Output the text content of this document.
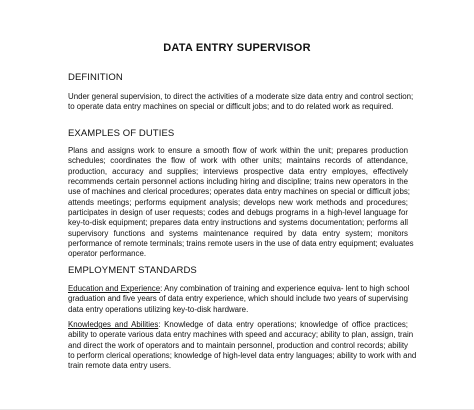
DATA ENTRY SUPERVISOR
DEFINITION
Under general supervision, to direct the activities of a moderate size data entry and control section;
to operate data entry machines on special or difficult jobs; and to do related work as required.
EXAMPLES OF DUTIES
Plans and assigns work to ensure a smooth flow of work within the unit; prepares production
schedules; coordinates the flow of work with other units; maintains records of attendance,
production, accuracy and supplies; interviews prospective data entry employes, effectively
recommends certain personnel actions including hiring and discipline; trains new operators in the
use of machines and clerical procedures; operates data entry machines on special or difficult jobs;
attends meetings; performs equipment analysis; develops new work methods and procedures;
participates in design of user requests; codes and debugs programs in a high-level language for
key-to-disk equipment; prepares data entry instructions and systems documentation; performs all
supervisory functions and systems maintenance required by data entry system; monitors
performance of remote terminals; trains remote users in the use of data entry equipment; evaluates
operator performance.
EMPLOYMENT STANDARDS
Education and Experience: Any combination of training and experience equiva- lent to high school
graduation and five years of data entry experience, which should include two years of supervising
data entry operations utilizing key-to-disk hardware.
Knowledges and Abilities: Knowledge of data entry operations; knowledge of office practices;
ability to operate various data entry machines with speed and accuracy; ability to plan, assign, train
and direct the work of operators and to maintain personnel, production and control records; ability
to perform clerical operations; knowledge of high-level data entry languages; ability to work with and
train remote data entry users.
